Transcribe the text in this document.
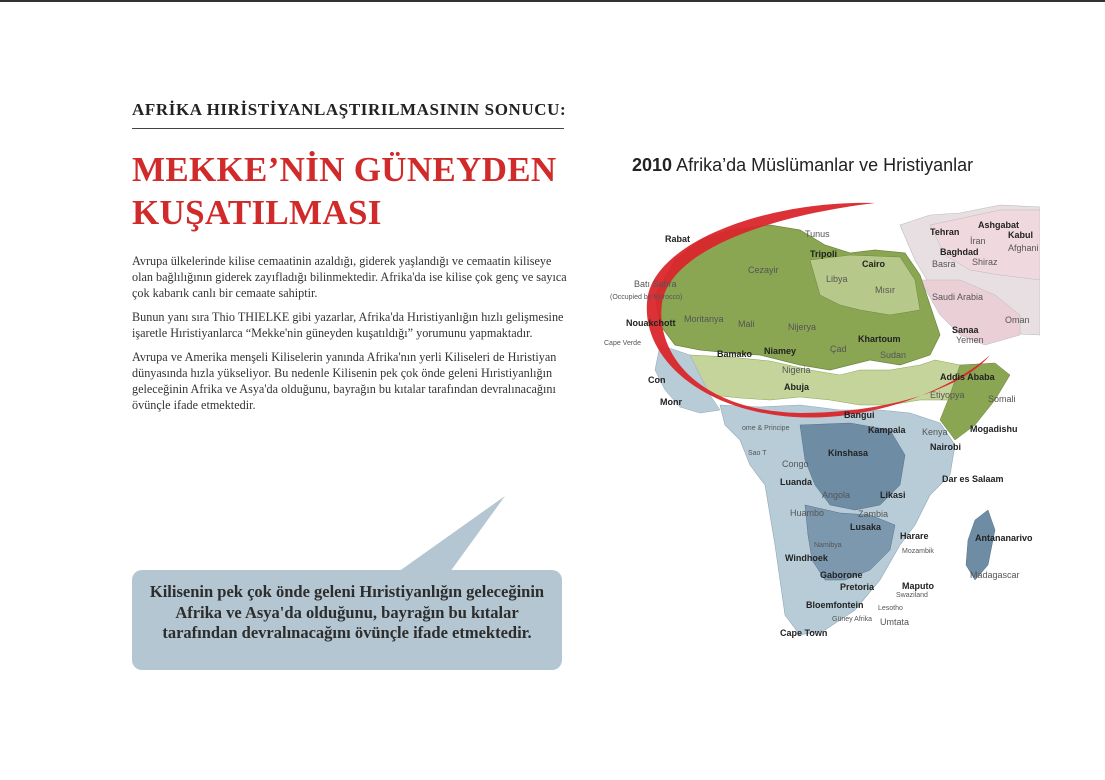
AFRİKA HIRİSTİYANLAŞTIRILMASININ SONUCU:
MEKKE’NİN GÜNEYDEN
KUŞATILMASI

Avrupa ülkelerinde kilise cemaatinin azaldığı, giderek yaşlandığı ve cemaatin kiliseye olan bağlılığının giderek zayıfladığı bilinmektedir. Afrika'da ise kilise çok genç ve sayıca çok kabarık canlı bir cemaate sahiptir.

Bunun yanı sıra Thio THIELKE gibi yazarlar, Afrika'da Hıristiyanlığın hızlı gelişmesine işaretle Hıristiyanlarca “Mekke'nin güneyden kuşatıldığı” yorumunu yapmaktadır.

Avrupa ve Amerika menşeli Kiliselerin yanında Afrika'nın yerli Kiliseleri de Hıristiyan dünyasında hızla yükseliyor. Bu nedenle Kilisenin pek çok önde geleni Hıristiyanlığın geleceğinin Afrika ve Asya'da olduğunu, bayrağın bu kıtalar tarafından devralınacağını övünçle ifade etmektedir.

Kilisenin pek çok önde geleni Hıristiyanlığın geleceğinin Afrika ve Asya'da olduğunu, bayrağın bu kıtalar tarafından devralınacağını övünçle ifade etmektedir.
2010 Afrika’da Müslümanlar ve Hristiyanlar
Rabat	Tunus
Tripoli
Cairo
Tehran
Ashgabat
Kabul
İran
Baghdad	Afghani
Basra Shiraz
Batı Sahra
(Occupied by Morocco)
Cezayir
Libya
Mısır
Saudi Arabia
Moritanya Mali	Nijerya
Nouakchott
Cape Verde
Sanaa
Yemen
Oman
Khartoum
Bamako Niamey	Çad
Sudan
Nigeria
Abuja
Addis Ababa
Etiyopya	Somali
Con
Monr
Bangui
ome & Principe	Kampala Kenya Mogadishu
Nairobi
Sao T
Congo
Kinshasa
Dar es Salaam
Luanda
Angola	Likasi
Huambo	Zambia
Lusaka
Harare	Antananarivo
Windhoek
Namibya
Mozambik
Madagascar
Gaborone
Pretoria	Maputo
Swaziland
Bloemfontein Lesotho
Güney Afrika Umtata
Cape Town
